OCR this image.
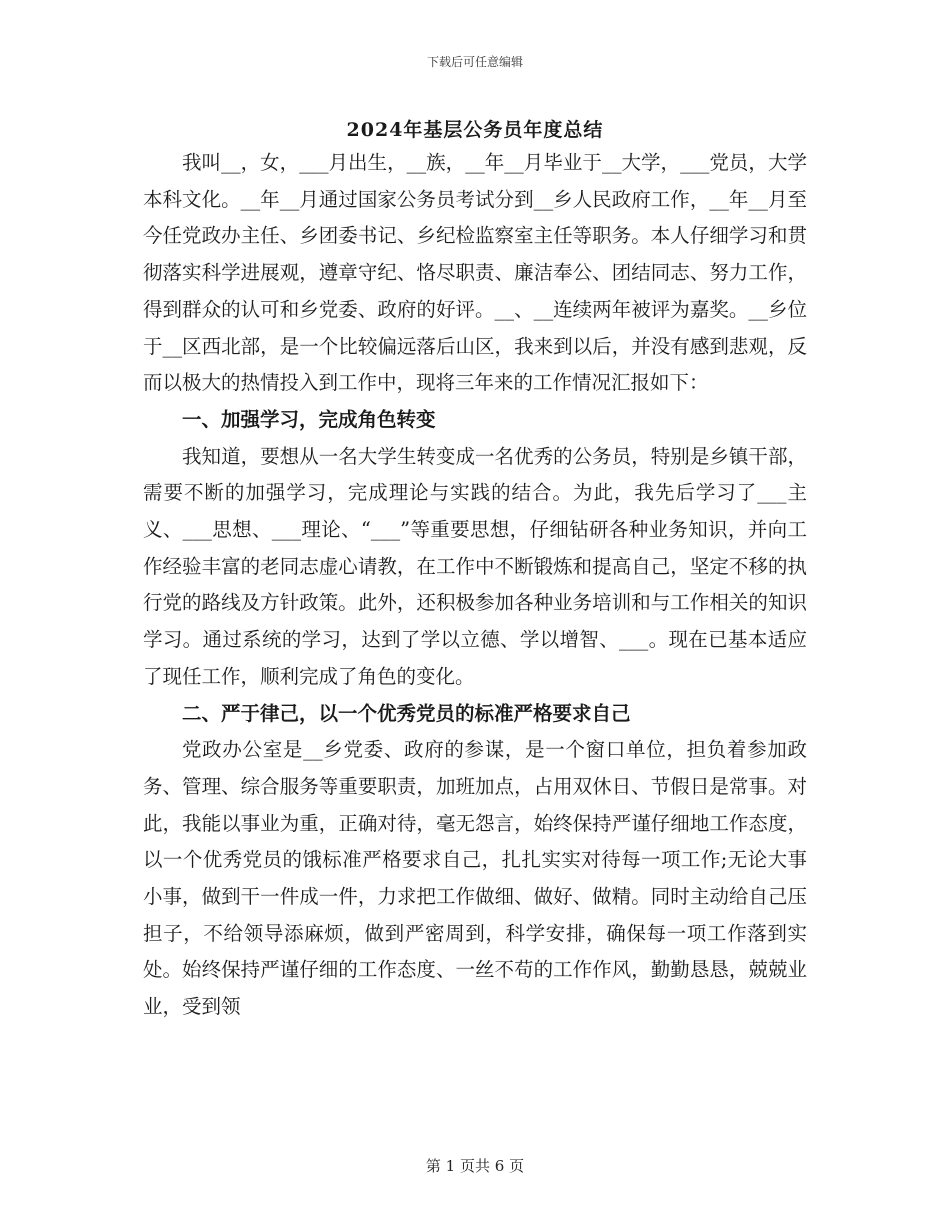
下载后可任意编辑
2024年基层公务员年度总结

我叫__，女，___月出生，__族，__年__月毕业于__大学，___党员，大学本科文化。__年__月通过国家公务员考试分到__乡人民政府工作，__年__月至今任党政办主任、乡团委书记、乡纪检监察室主任等职务。本人仔细学习和贯彻落实科学进展观，遵章守纪、恪尽职责、廉洁奉公、团结同志、努力工作，得到群众的认可和乡党委、政府的好评。__、__连续两年被评为嘉奖。__乡位于__区西北部，是一个比较偏远落后山区，我来到以后，并没有感到悲观，反而以极大的热情投入到工作中，现将三年来的工作情况汇报如下：

一、加强学习，完成角色转变

我知道，要想从一名大学生转变成一名优秀的公务员，特别是乡镇干部，需要不断的加强学习，完成理论与实践的结合。为此，我先后学习了___主义、___思想、___理论、“___”等重要思想，仔细钻研各种业务知识，并向工作经验丰富的老同志虚心请教，在工作中不断锻炼和提高自己，坚定不移的执行党的路线及方针政策。此外，还积极参加各种业务培训和与工作相关的知识学习。通过系统的学习，达到了学以立德、学以增智、___。现在已基本适应了现任工作，顺利完成了角色的变化。

二、严于律己，以一个优秀党员的标准严格要求自己

党政办公室是__乡党委、政府的参谋，是一个窗口单位，担负着参加政务、管理、综合服务等重要职责，加班加点，占用双休日、节假日是常事。对此，我能以事业为重，正确对待，毫无怨言，始终保持严谨仔细地工作态度，以一个优秀党员的饿标准严格要求自己，扎扎实实对待每一项工作;无论大事小事，做到干一件成一件，力求把工作做细、做好、做精。同时主动给自己压担子，不给领导添麻烦，做到严密周到，科学安排，确保每一项工作落到实处。始终保持严谨仔细的工作态度、一丝不苟的工作作风，勤勤恳恳，兢兢业业，受到领

第 1 页共 6 页
